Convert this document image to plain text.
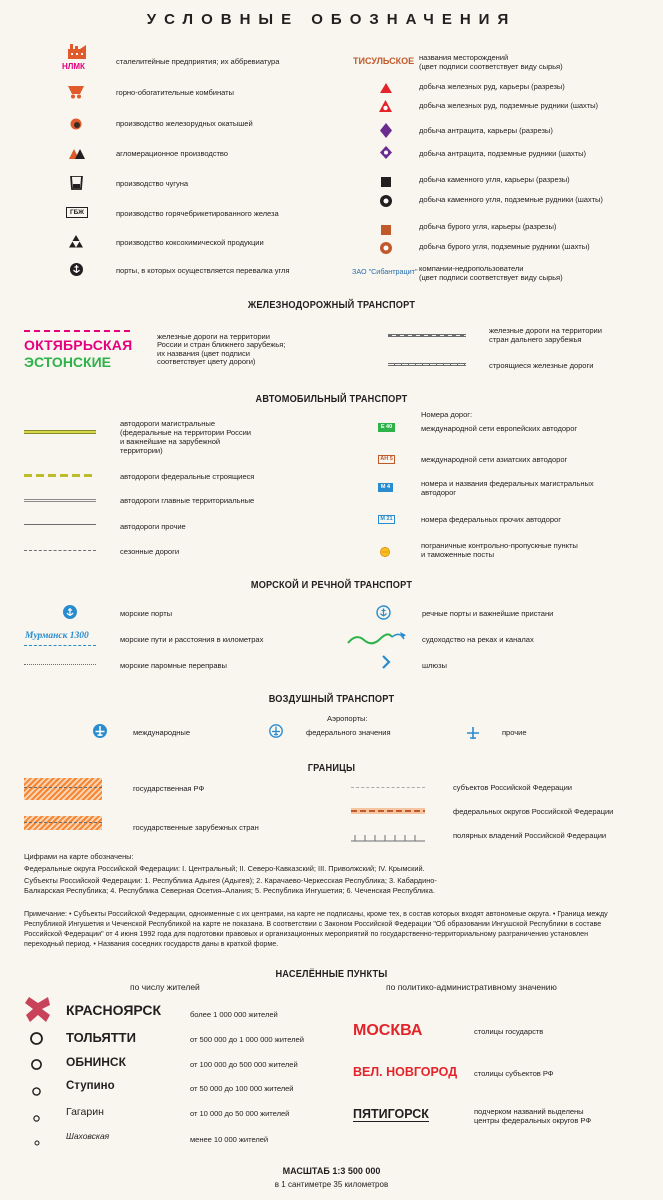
УСЛОВНЫЕ ОБОЗНАЧЕНИЯ
НЛМК
сталелитейные предприятия; их аббревиатура
горно-обогатительные комбинаты
производство железорудных окатышей
агломерационное производство
производство чугуна
ГБЖ	производство горячебрикетированного железа
производство коксохимической продукции
порты, в которых осуществляется перевалка угля
ТИСУЛЬСКОЕ названия месторождений
(цвет подписи соответствует виду сырья)
добыча железных руд, карьеры (разрезы)
добыча железных руд, подземные рудники (шахты)
добыча антрацита, карьеры (разрезы)
добыча антрацита, подземные рудники (шахты)
добыча каменного угля, карьеры (разрезы)
добыча каменного угля, подземные рудники (шахты)
добыча бурого угля, карьеры (разрезы)
добыча бурого угля, подземные рудники (шахты)
ЗАО "Сибантрацит" компании-недропользователи
(цвет подписи соответствует виду сырья)
ЖЕЛЕЗНОДОРОЖНЫЙ ТРАНСПОРТ
ОКТЯБРЬСКАЯ
ЭСТОНСКИЕ
железные дороги на территории
России и стран ближнего зарубежья;
их названия (цвет подписи
соответствует цвету дороги)
железные дороги на территории
стран дальнего зарубежья
строящиеся железные дороги
АВТОМОБИЛЬНЫЙ ТРАНСПОРТ
автодороги магистральные
(федеральные на территории России
и важнейшие на зарубежной
территории)
автодороги федеральные строящиеся
автодороги главные территориальные
автодороги прочие
сезонные дороги
Номера дорог:
E 40	международной сети европейских автодорог
AH 5	международной сети азиатских автодорог
M 4	номера и названия федеральных магистральных
автодорог
M 21	номера федеральных прочих автодорог
пограничные контрольно-пропускные пункты
и таможенные посты
МОРСКОЙ И РЕЧНОЙ ТРАНСПОРТ
морские порты
Мурманск 1300	морские пути и расстояния в километрах
морские паромные переправы
речные порты и важнейшие пристани
судоходство на реках и каналах
шлюзы
ВОЗДУШНЫЙ ТРАНСПОРТ
Аэропорты:
международные	федерального значения	прочие
ГРАНИЦЫ
государственная РФ
государственные зарубежных стран
субъектов Российской Федерации
федеральных округов Российской Федерации
полярных владений Российской Федерации
Цифрами на карте обозначены:
Федеральные округа Российской Федерации: I. Центральный; II. Северо-Кавказский; III. Приволжский; IV. Крымский.
Субъекты Российской Федерации: 1. Республика Адыгея (Адыгея); 2. Карачаево-Черкесская Республика; 3. Кабардино-
Балкарская Республика; 4. Республика Северная Осетия–Алания; 5. Республика Ингушетия; 6. Чеченская Республика.
Примечание: • Субъекты Российской Федерации, одноименные с их центрами, на карте не подписаны, кроме тех, в состав которых входят автономные округа. • Граница между
Республикой Ингушетия и Чеченской Республикой на карте не показана. В соответствии с Законом Российской Федерации "Об образовании Ингушской Республики в составе
Российской Федерации" от 4 июня 1992 года для подготовки правовых и организационных мероприятий по государственно-территориальному разграничению установлен
переходный период. • Названия соседних государств даны в краткой форме.
НАСЕЛЁННЫЕ ПУНКТЫ
по числу жителей	по политико-административному значению
КРАСНОЯРСК	более 1 000 000 жителей
ТОЛЬЯТТИ	от 500 000 до 1 000 000 жителей
ОБНИНСК	от 100 000 до 500 000 жителей
Ступино	от 50 000 до 100 000 жителей
Гагарин	от 10 000 до 50 000 жителей
Шаховская	менее 10 000 жителей
МОСКВА	столицы государств
ВЕЛ. НОВГОРОД столицы субъектов РФ
ПЯТИГОРСК	подчерком названий выделены
центры федеральных округов РФ
МАСШТАБ 1:3 500 000
в 1 сантиметре 35 километров
